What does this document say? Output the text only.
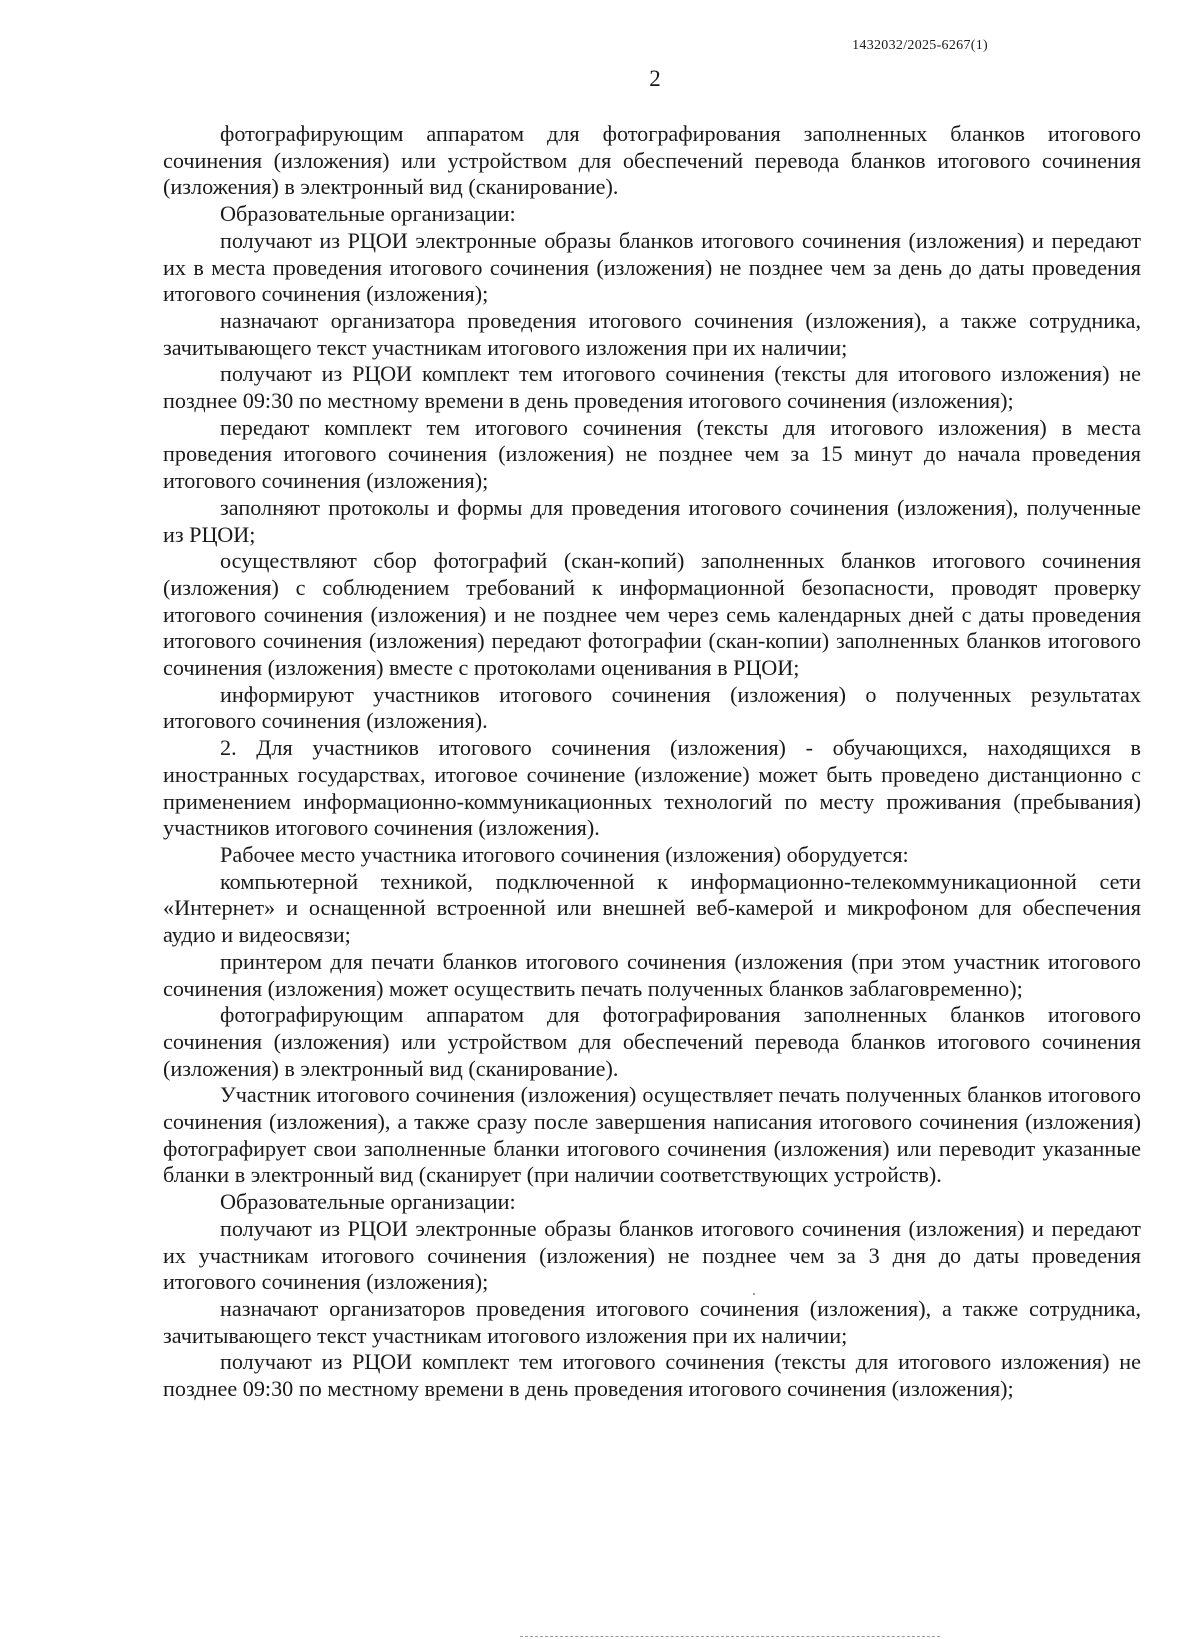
1432032/2025-6267(1)
2

фотографирующим аппаратом для фотографирования заполненных бланков итогового сочинения (изложения) или устройством для обеспечений перевода бланков итогового сочинения (изложения) в электронный вид (сканирование).

Образовательные организации:

получают из РЦОИ электронные образы бланков итогового сочинения (изложения) и передают их в места проведения итогового сочинения (изложения) не позднее чем за день до даты проведения итогового сочинения (изложения);

назначают организатора проведения итогового сочинения (изложения), а также сотрудника, зачитывающего текст участникам итогового изложения при их наличии;

получают из РЦОИ комплект тем итогового сочинения (тексты для итогового изложения) не позднее 09:30 по местному времени в день проведения итогового сочинения (изложения);

передают комплект тем итогового сочинения (тексты для итогового изложения) в места проведения итогового сочинения (изложения) не позднее чем за 15 минут до начала проведения итогового сочинения (изложения);

заполняют протоколы и формы для проведения итогового сочинения (изложения), полученные из РЦОИ;

осуществляют сбор фотографий (скан-копий) заполненных бланков итогового сочинения (изложения) с соблюдением требований к информационной безопасности, проводят проверку итогового сочинения (изложения) и не позднее чем через семь календарных дней с даты проведения итогового сочинения (изложения) передают фотографии (скан-копии) заполненных бланков итогового сочинения (изложения) вместе с протоколами оценивания в РЦОИ;

информируют участников итогового сочинения (изложения) о полученных результатах итогового сочинения (изложения).

2. Для участников итогового сочинения (изложения) - обучающихся, находящихся в иностранных государствах, итоговое сочинение (изложение) может быть проведено дистанционно с применением информационно-коммуникационных технологий по месту проживания (пребывания) участников итогового сочинения (изложения).

Рабочее место участника итогового сочинения (изложения) оборудуется:

компьютерной техникой, подключенной к информационно-телекоммуникационной сети «Интернет» и оснащенной встроенной или внешней веб-камерой и микрофоном для обеспечения аудио и видеосвязи;

принтером для печати бланков итогового сочинения (изложения (при этом участник итогового сочинения (изложения) может осуществить печать полученных бланков заблаговременно);

фотографирующим аппаратом для фотографирования заполненных бланков итогового сочинения (изложения) или устройством для обеспечений перевода бланков итогового сочинения (изложения) в электронный вид (сканирование).

Участник итогового сочинения (изложения) осуществляет печать полученных бланков итогового сочинения (изложения), а также сразу после завершения написания итогового сочинения (изложения) фотографирует свои заполненные бланки итогового сочинения (изложения) или переводит указанные бланки в электронный вид (сканирует (при наличии соответствующих устройств).

Образовательные организации:

получают из РЦОИ электронные образы бланков итогового сочинения (изложения) и передают их участникам итогового сочинения (изложения) не позднее чем за 3 дня до даты проведения итогового сочинения (изложения);

назначают организаторов проведения итогового сочинения (изложения), а также сотрудника, зачитывающего текст участникам итогового изложения при их наличии;

получают из РЦОИ комплект тем итогового сочинения (тексты для итогового изложения) не позднее 09:30 по местному времени в день проведения итогового сочинения (изложения);
